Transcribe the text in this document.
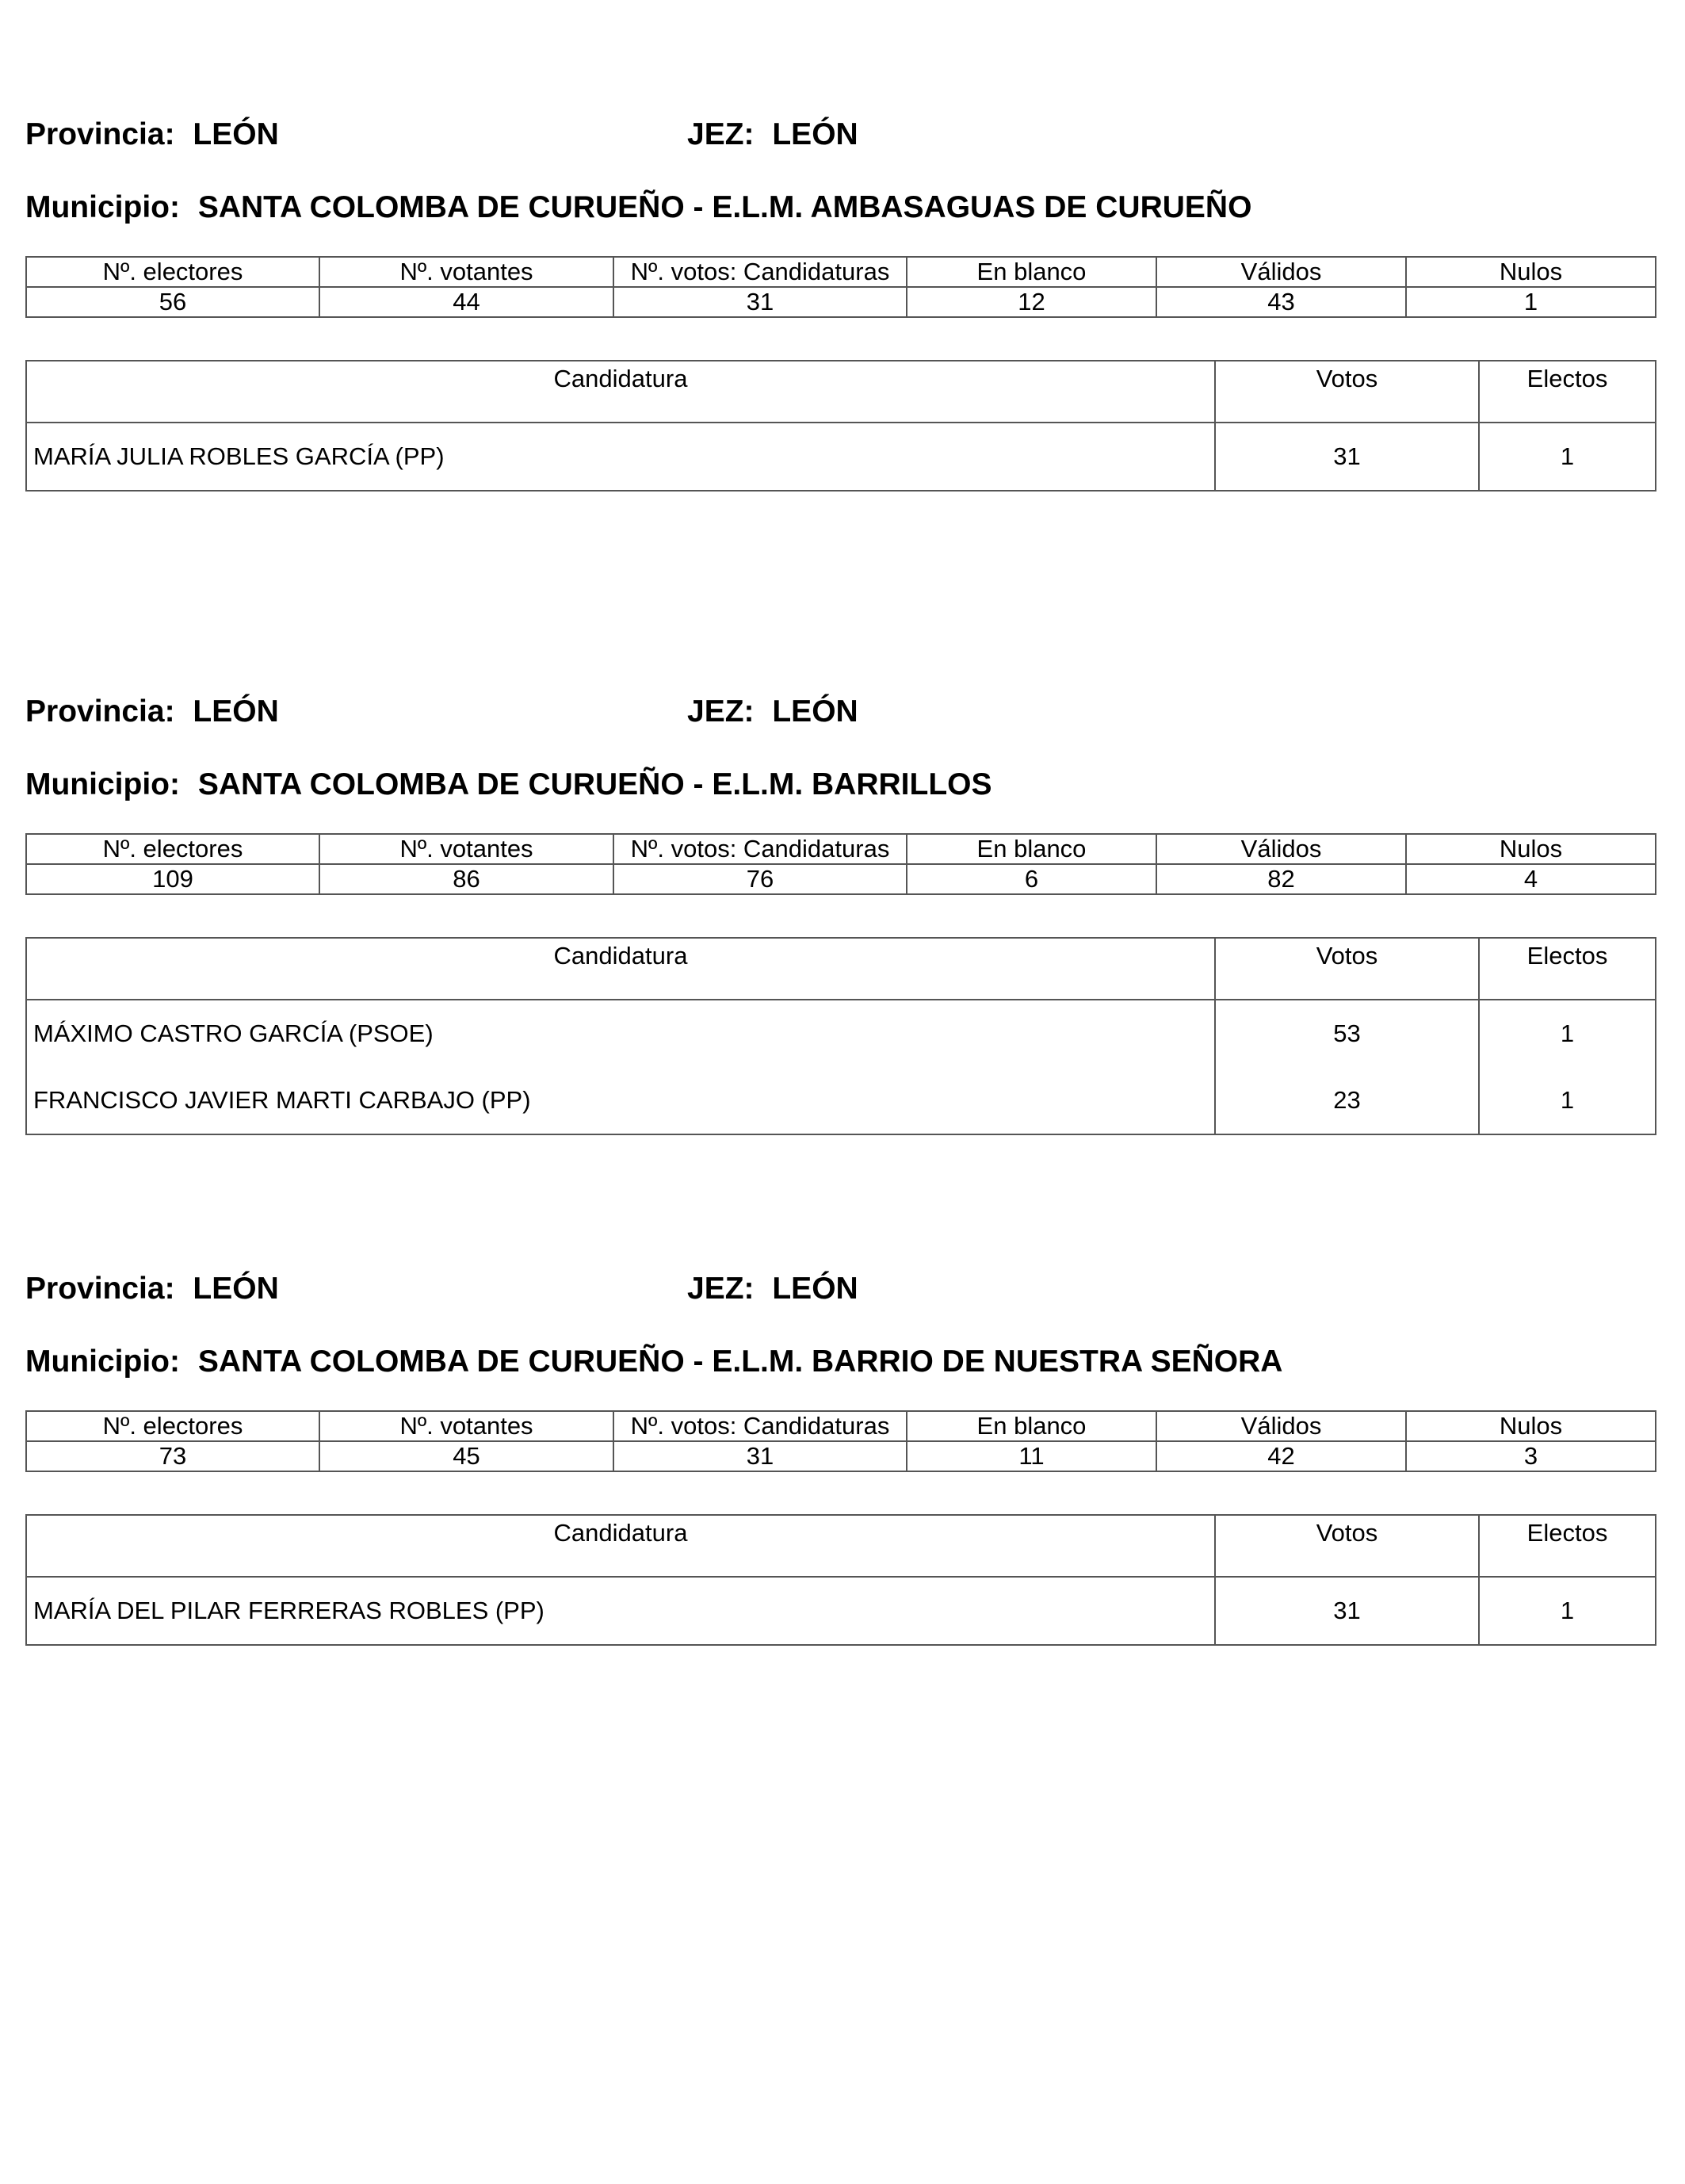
Provincia: LEÓN	JEZ: LEÓN
Municipio: SANTA COLOMBA DE CURUEÑO - E.L.M. AMBASAGUAS DE CURUEÑO
Nº. electores	Nº. votantes	Nº. votos: Candidaturas	En blanco	Válidos	Nulos
56	44	31	12	43	1
Candidatura	Votos	Electos
MARÍA JULIA ROBLES GARCÍA (PP)	31	1
Provincia: LEÓN	JEZ: LEÓN
Municipio: SANTA COLOMBA DE CURUEÑO - E.L.M. BARRILLOS
Nº. electores	Nº. votantes	Nº. votos: Candidaturas	En blanco	Válidos	Nulos
109	86	76	6	82	4
Candidatura	Votos	Electos
MÁXIMO CASTRO GARCÍA (PSOE)	53	1
FRANCISCO JAVIER MARTI CARBAJO (PP)	23	1
Provincia: LEÓN	JEZ: LEÓN
Municipio: SANTA COLOMBA DE CURUEÑO - E.L.M. BARRIO DE NUESTRA SEÑORA
Nº. electores	Nº. votantes	Nº. votos: Candidaturas	En blanco	Válidos	Nulos
73	45	31	11	42	3
Candidatura	Votos	Electos
MARÍA DEL PILAR FERRERAS ROBLES (PP)	31	1
